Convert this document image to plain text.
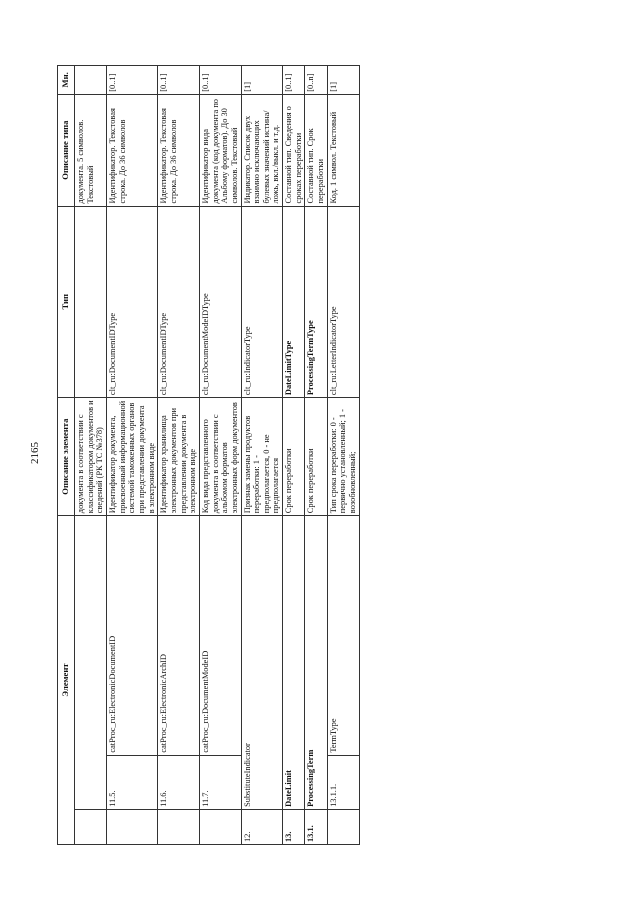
2165
Элемент			Описание элемента	Тип	Описание типа	Мн.
			документа в соответствии с классификатором документов и сведений (РК ТС №378)		документа. 5 символов. Текстовый	
	11.5.	catProc_ru:ElectronicDocumentID	Идентификатор документа, присвоенный информационной системой таможенных органов при представлении документа в электронном виде	clt_ru:DocumentIDType	Идентификатор. Текстовая строка. До 36 символов	[0..1]
	11.6.	catProc_ru:ElectronicArchID	Идентификатор хранилища электронных документов при представлении документа в электронном виде	clt_ru:DocumentIDType	Идентификатор. Текстовая строка. До 36 символов	[0..1]
	11.7.	catProc_ru:DocumentModeID	Код вида представленного документа в соответствии с альбомом форматов электронных форм документов	clt_ru:DocumentModeIDType	Идентификатор вида документа (код документа по Альбому форматов). До 30 символов. Текстовый	[0..1]
12.	SubstituteIndicator		Признак замены продуктов переработки: 1 - предполагается, 0 - не предполагается	clt_ru:IndicatorType	Индикатор. Список двух взаимно исключающих булевых значений истина/ложь, вкл./выкл. и т.д.	[1]
13.	DateLimit		Срок переработки	DateLimitType	Составной тип. Сведения о сроках переработки	[0..1]
13.1.	ProcessingTerm		Срок переработки	ProcessingTermType	Составной тип. Срок переработки	[0..n]
	13.1.1.	TermType	Тип срока переработки: 0 - первично установленный; 1 - возобновленный;	clt_ru:LetterIndicatorType	Код. 1 символ. Текстовый	[1]
